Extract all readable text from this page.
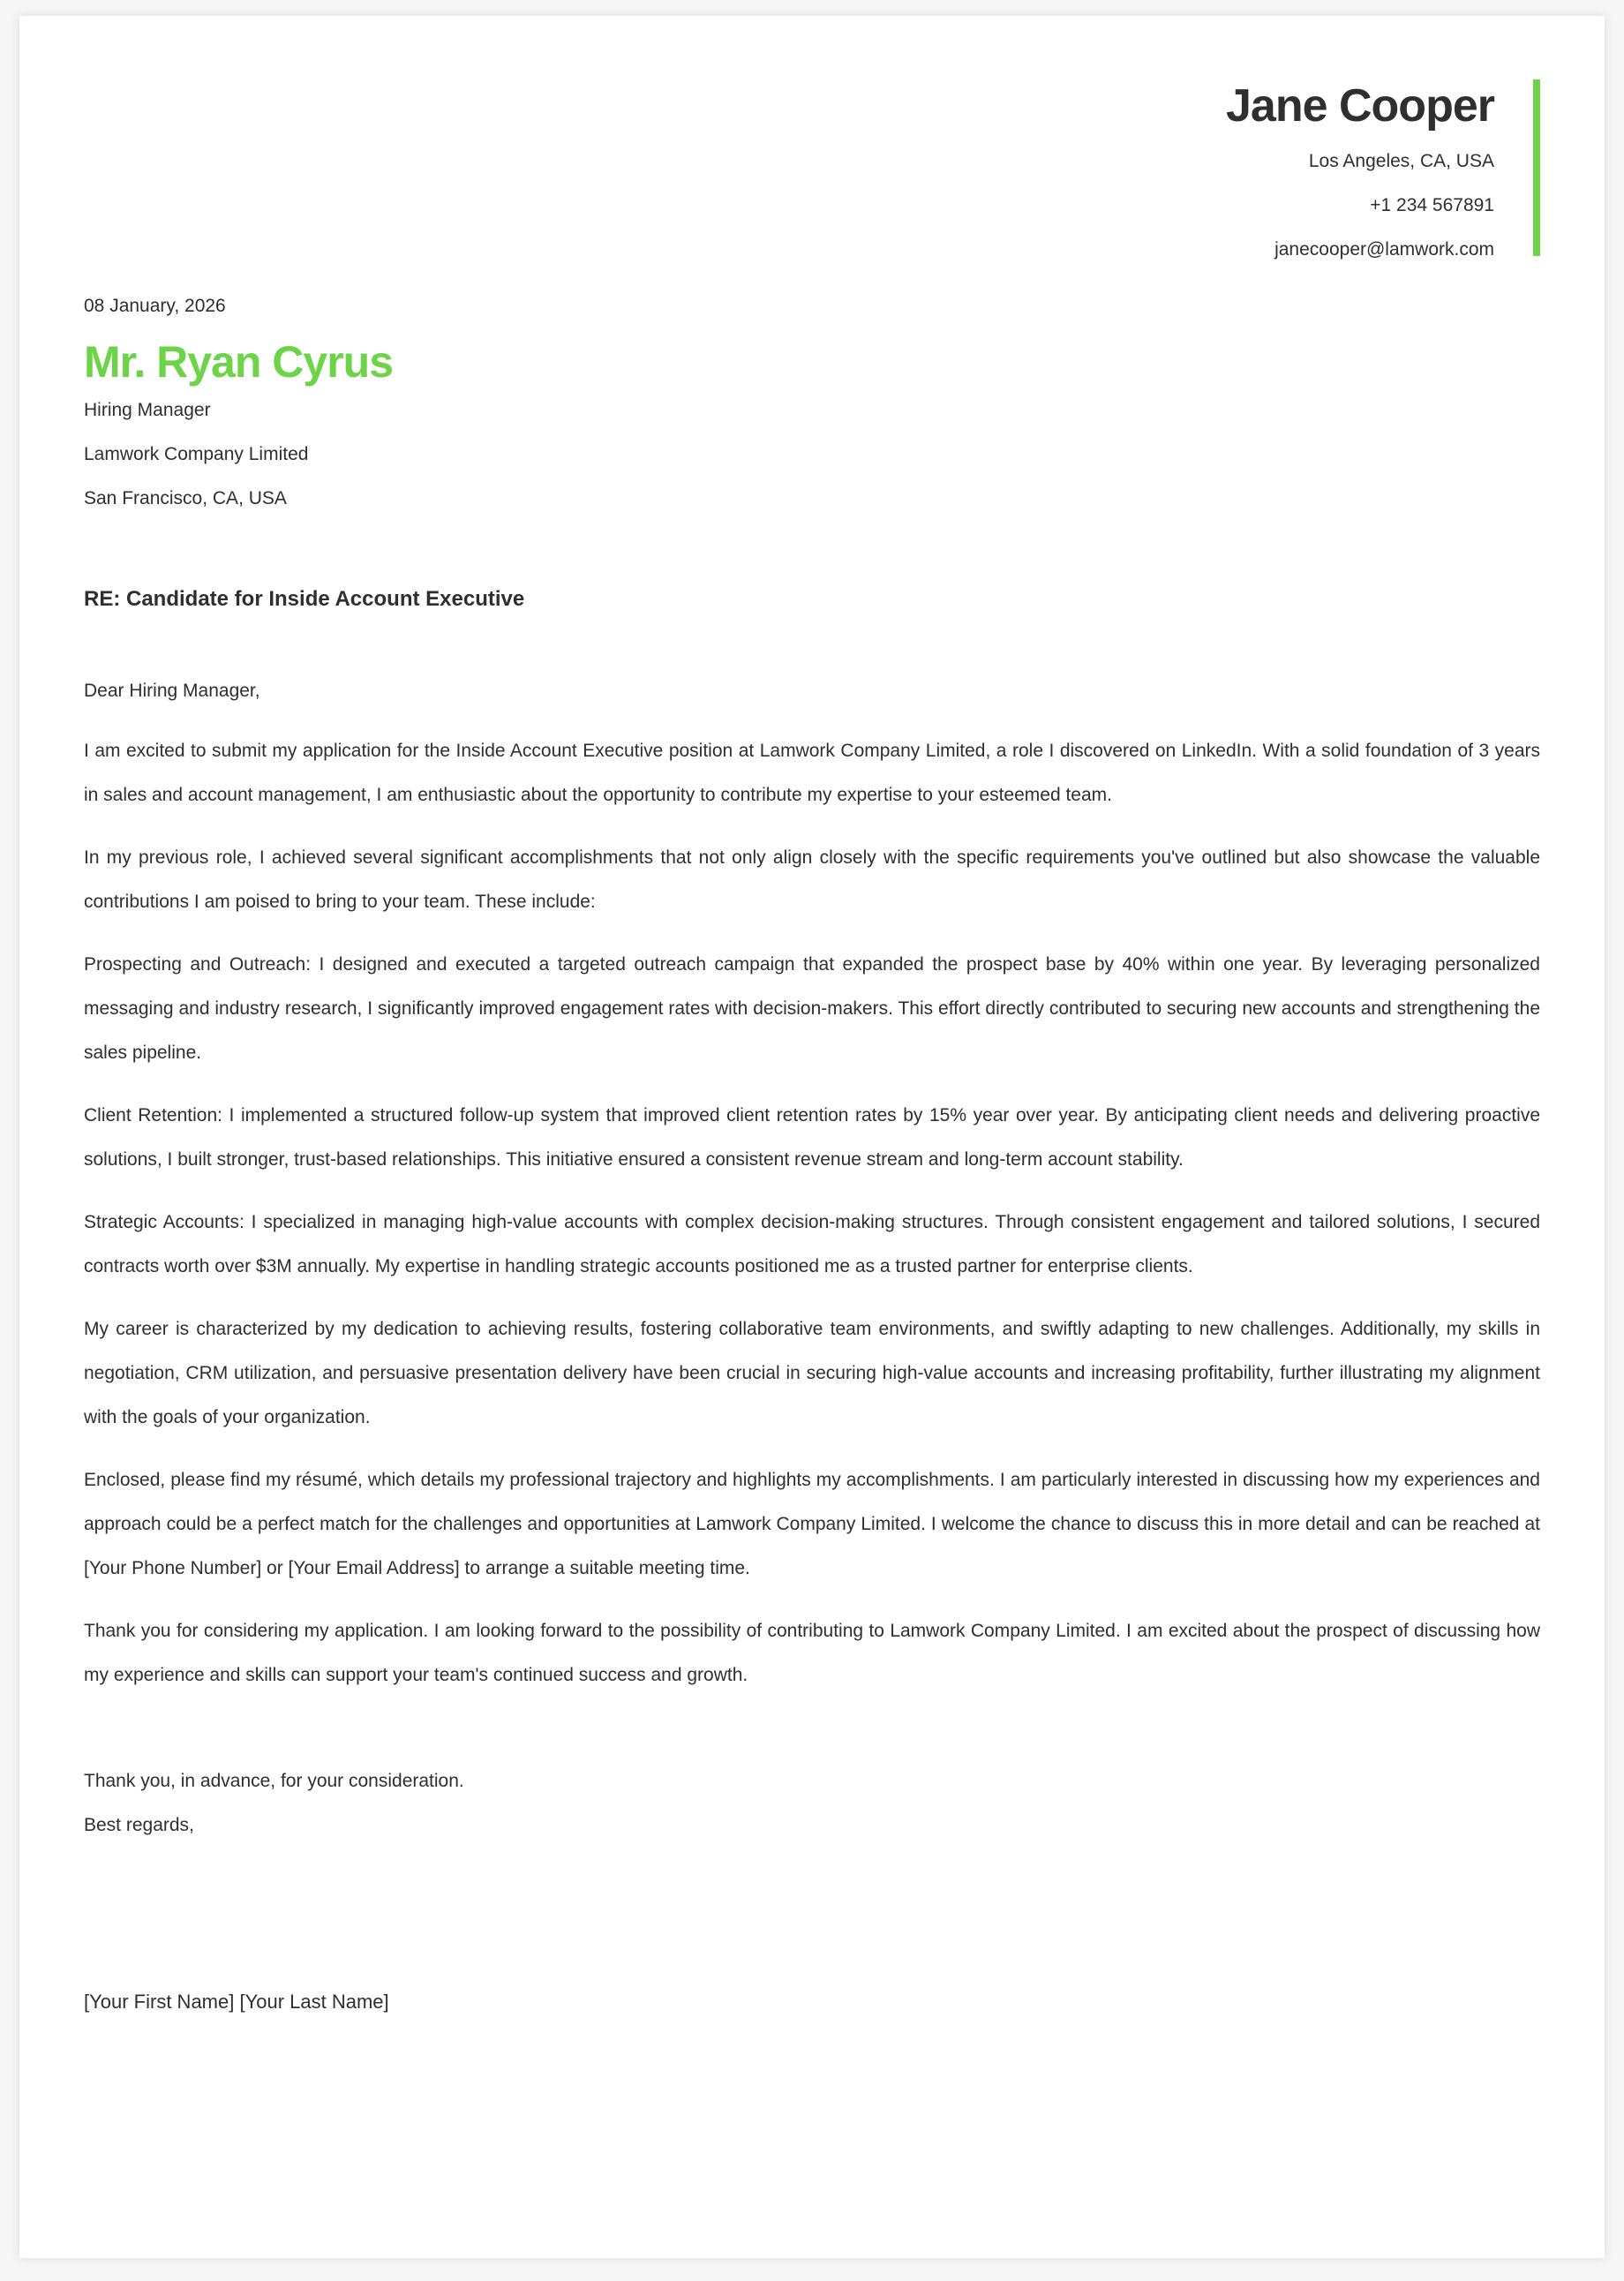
Jane Cooper
Los Angeles, CA, USA
+1 234 567891
janecooper@lamwork.com
08 January, 2026
Mr. Ryan Cyrus
Hiring Manager
Lamwork Company Limited
San Francisco, CA, USA
RE: Candidate for Inside Account Executive
Dear Hiring Manager,

I am excited to submit my application for the Inside Account Executive position at Lamwork Company Limited, a role I discovered on LinkedIn. With a solid foundation of 3 years in sales and account management, I am enthusiastic about the opportunity to contribute my expertise to your esteemed team.

In my previous role, I achieved several significant accomplishments that not only align closely with the specific requirements you've outlined but also showcase the valuable contributions I am poised to bring to your team. These include:

Prospecting and Outreach: I designed and executed a targeted outreach campaign that expanded the prospect base by 40% within one year. By leveraging personalized messaging and industry research, I significantly improved engagement rates with decision-makers. This effort directly contributed to securing new accounts and strengthening the sales pipeline.

Client Retention: I implemented a structured follow-up system that improved client retention rates by 15% year over year. By anticipating client needs and delivering proactive solutions, I built stronger, trust-based relationships. This initiative ensured a consistent revenue stream and long-term account stability.

Strategic Accounts: I specialized in managing high-value accounts with complex decision-making structures. Through consistent engagement and tailored solutions, I secured contracts worth over $3M annually. My expertise in handling strategic accounts positioned me as a trusted partner for enterprise clients.

My career is characterized by my dedication to achieving results, fostering collaborative team environments, and swiftly adapting to new challenges. Additionally, my skills in negotiation, CRM utilization, and persuasive presentation delivery have been crucial in securing high-value accounts and increasing profitability, further illustrating my alignment with the goals of your organization.

Enclosed, please find my résumé, which details my professional trajectory and highlights my accomplishments. I am particularly interested in discussing how my experiences and approach could be a perfect match for the challenges and opportunities at Lamwork Company Limited. I welcome the chance to discuss this in more detail and can be reached at [Your Phone Number] or [Your Email Address] to arrange a suitable meeting time.

Thank you for considering my application. I am looking forward to the possibility of contributing to Lamwork Company Limited. I am excited about the prospect of discussing how my experience and skills can support your team's continued success and growth.

Thank you, in advance, for your consideration.
Best regards,
[Your First Name] [Your Last Name]
